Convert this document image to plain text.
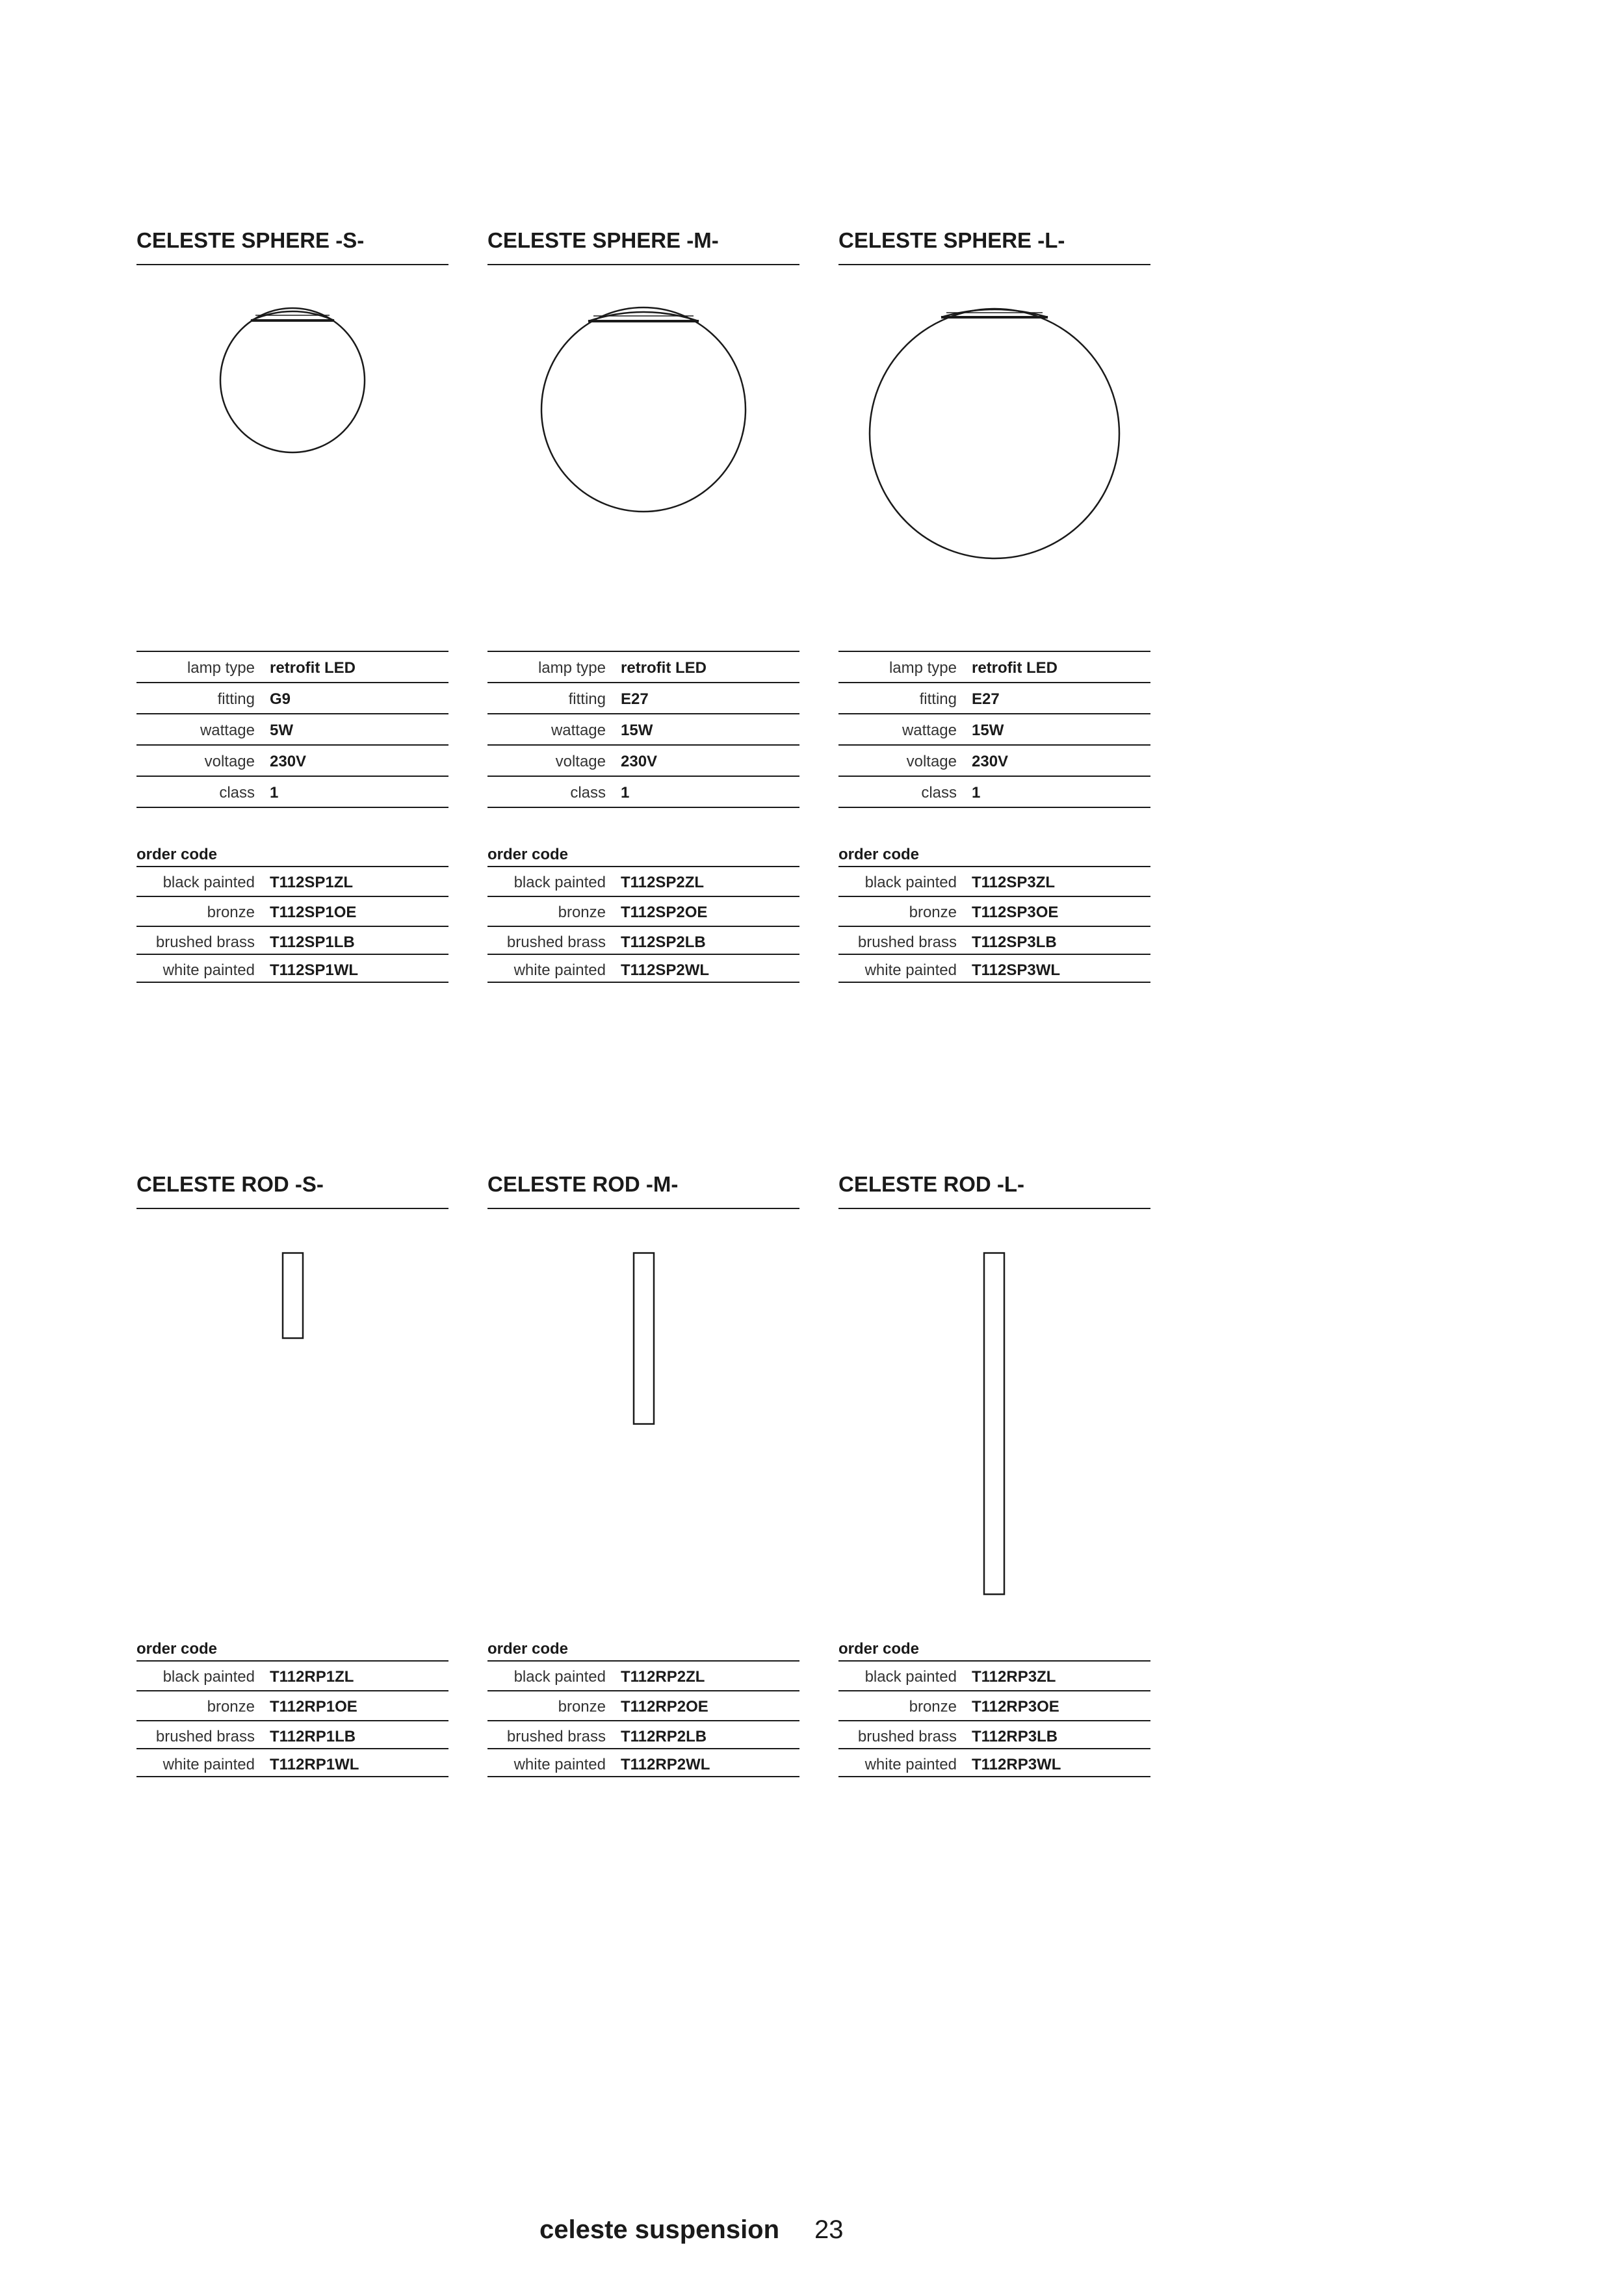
CELESTE SPHERE -S-
lamp type retrofit LED
fitting G9
wattage 5W
voltage 230V
class 1
order code
black painted T112SP1ZL
bronze T112SP1OE
brushed brass T112SP1LB
white painted T112SP1WL
CELESTE SPHERE -M-
lamp type retrofit LED
fitting E27
wattage 15W
voltage 230V
class 1
order code
black painted T112SP2ZL
bronze T112SP2OE
brushed brass T112SP2LB
white painted T112SP2WL
CELESTE SPHERE -L-
lamp type retrofit LED
fitting E27
wattage 15W
voltage 230V
class 1
order code
black painted T112SP3ZL
bronze T112SP3OE
brushed brass T112SP3LB
white painted T112SP3WL
CELESTE ROD -S-
order code
black painted T112RP1ZL
bronze T112RP1OE
brushed brass T112RP1LB
white painted T112RP1WL
CELESTE ROD -M-
order code
black painted T112RP2ZL
bronze T112RP2OE
brushed brass T112RP2LB
white painted T112RP2WL
CELESTE ROD -L-
order code
black painted T112RP3ZL
bronze T112RP3OE
brushed brass T112RP3LB
white painted T112RP3WL
celeste suspension 23
